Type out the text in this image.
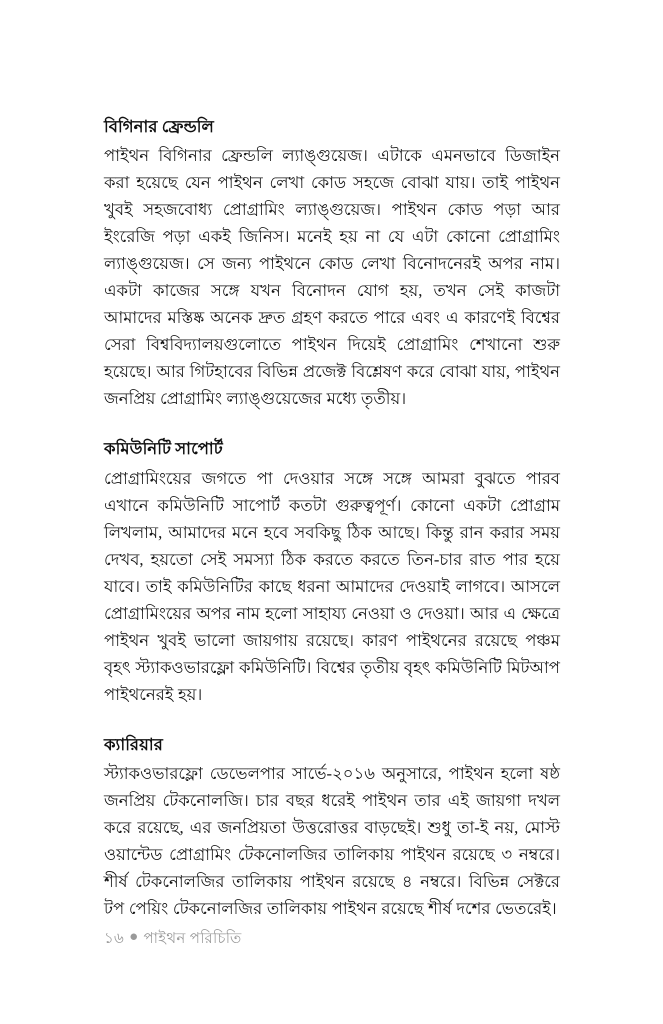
বিগিনার ফ্রেন্ডলি

পাইথন বিগিনার ফ্রেন্ডলি ল্যাঙ্গুয়েজ। এটাকে এমনভাবে ডিজাইন করা হয়েছে যেন পাইথন লেখা কোড সহজে বোঝা যায়। তাই পাইথন খুবই সহজবোধ্য প্রোগ্রামিং ল্যাঙ্গুয়েজ। পাইথন কোড পড়া আর ইংরেজি পড়া একই জিনিস। মনেই হয় না যে এটা কোনো প্রোগ্রামিং ল্যাঙ্গুয়েজ। সে জন্য পাইথনে কোড লেখা বিনোদনেরই অপর নাম। একটা কাজের সঙ্গে যখন বিনোদন যোগ হয়, তখন সেই কাজটা আমাদের মস্তিষ্ক অনেক দ্রুত গ্রহণ করতে পারে এবং এ কারণেই বিশ্বের সেরা বিশ্ববিদ্যালয়গুলোতে পাইথন দিয়েই প্রোগ্রামিং শেখানো শুরু হয়েছে। আর গিটহাবের বিভিন্ন প্রজেক্ট বিশ্লেষণ করে বোঝা যায়, পাইথন জনপ্রিয় প্রোগ্রামিং ল্যাঙ্গুয়েজের মধ্যে তৃতীয়।

কমিউনিটি সাপোর্ট

প্রোগ্রামিংয়ের জগতে পা দেওয়ার সঙ্গে সঙ্গে আমরা বুঝতে পারব এখানে কমিউনিটি সাপোর্ট কতটা গুরুত্বপূর্ণ। কোনো একটা প্রোগ্রাম লিখলাম, আমাদের মনে হবে সবকিছু ঠিক আছে। কিন্তু রান করার সময় দেখব, হয়তো সেই সমস্যা ঠিক করতে করতে তিন-চার রাত পার হয়ে যাবে। তাই কমিউনিটির কাছে ধরনা আমাদের দেওয়াই লাগবে। আসলে প্রোগ্রামিংয়ের অপর নাম হলো সাহায্য নেওয়া ও দেওয়া। আর এ ক্ষেত্রে পাইথন খুবই ভালো জায়গায় রয়েছে। কারণ পাইথনের রয়েছে পঞ্চম বৃহৎ স্ট্যাকওভারফ্লো কমিউনিটি। বিশ্বের তৃতীয় বৃহৎ কমিউনিটি মিটআপ পাইথনেরই হয়।

ক্যারিয়ার

স্ট্যাকওভারফ্লো ডেভেলপার সার্ভে-২০১৬ অনুসারে, পাইথন হলো ষষ্ঠ জনপ্রিয় টেকনোলজি। চার বছর ধরেই পাইথন তার এই জায়গা দখল করে রয়েছে, এর জনপ্রিয়তা উত্তরোত্তর বাড়ছেই। শুধু তা-ই নয়, মোস্ট ওয়ান্টেড প্রোগ্রামিং টেকনোলজির তালিকায় পাইথন রয়েছে ৩ নম্বরে। শীর্ষ টেকনোলজির তালিকায় পাইথন রয়েছে ৪ নম্বরে। বিভিন্ন সেক্টরে টপ পেয়িং টেকনোলজির তালিকায় পাইথন রয়েছে শীর্ষ দশের ভেতরেই।

১৬ ● পাইথন পরিচিতি
